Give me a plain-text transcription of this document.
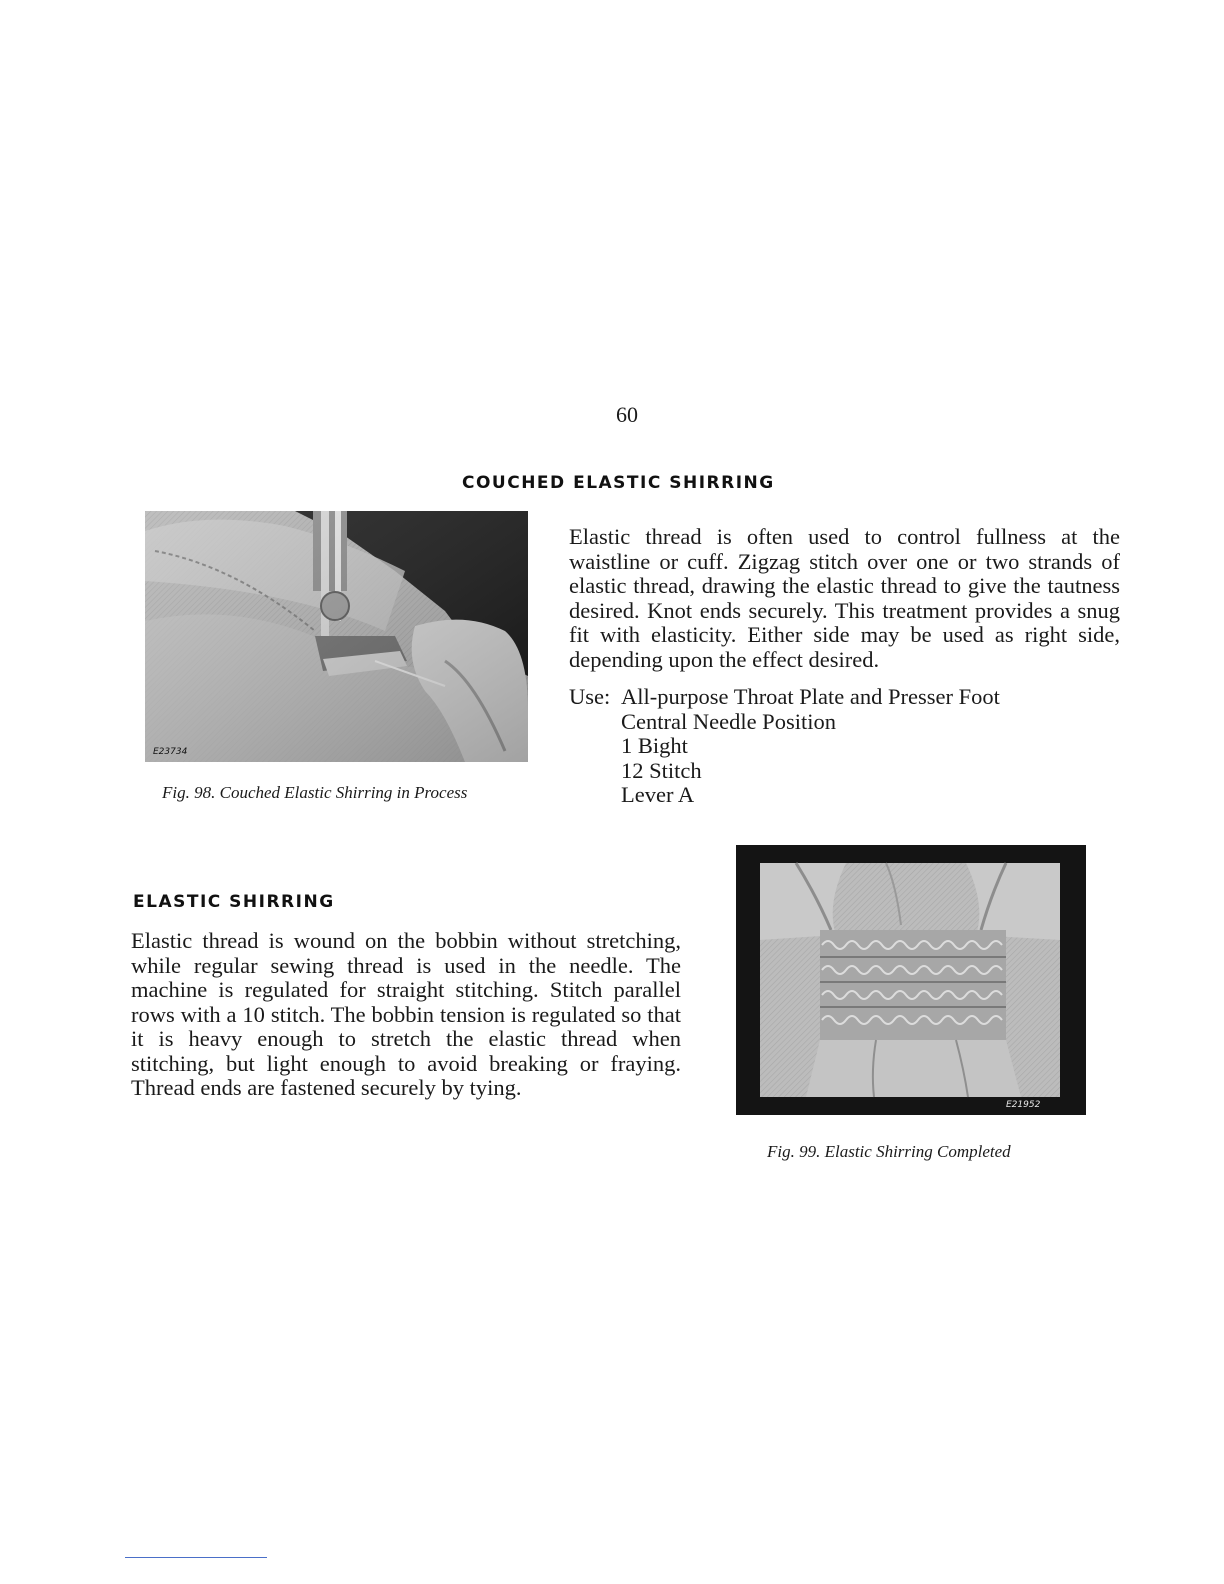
60
COUCHED ELASTIC SHIRRING
E23734
Fig. 98. Couched Elastic Shirring in Process
Elastic thread is often used to control fullness at the waistline or cuff. Zigzag stitch over one or two strands of elastic thread, drawing the elastic thread to give the tautness desired. Knot ends securely. This treatment provides a snug fit with elasticity. Either side may be used as right side, depending upon the effect desired.
Use: All-purpose Throat Plate and Presser Foot
Central Needle Position
1 Bight
12 Stitch
Lever A
ELASTIC SHIRRING
Elastic thread is wound on the bobbin without stretching, while regular sewing thread is used in the needle. The machine is regulated for straight stitching. Stitch parallel rows with a 10 stitch. The bobbin tension is regulated so that it is heavy enough to stretch the elastic thread when stitching, but light enough to avoid breaking or fraying. Thread ends are fastened securely by tying.
E21952
Fig. 99. Elastic Shirring Completed
